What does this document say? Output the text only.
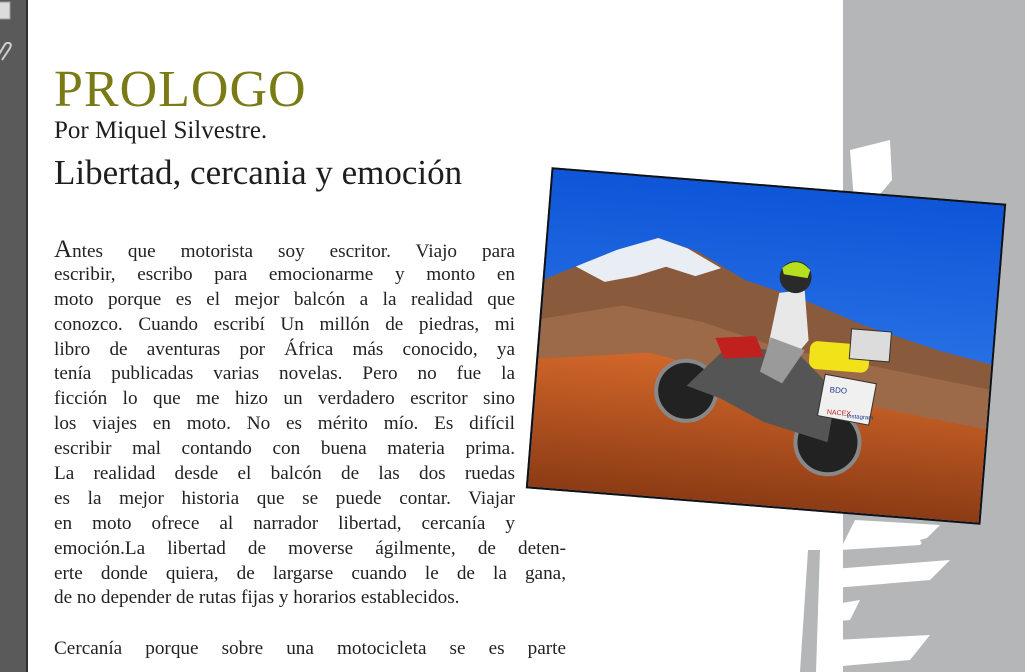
PROLOGO
Por Miquel Silvestre.
Libertad, cercania y emoción
Antes que motorista soy escritor. Viajo para
escribir, escribo para emocionarme y monto en
moto porque es el mejor balcón a la realidad que
conozco. Cuando escribí Un millón de piedras, mi
libro de aventuras por África más conocido, ya
tenía publicadas varias novelas. Pero no fue la
ficción lo que me hizo un verdadero escritor sino
los viajes en moto. No es mérito mío. Es difícil
escribir mal contando con buena materia prima.
La realidad desde el balcón de las dos ruedas
es la mejor historia que se puede contar. Viajar
en moto ofrece al narrador libertad, cercanía y
emoción.La libertad de moverse ágilmente, de deten-
erte donde quiera, de largarse cuando le de la gana,
de no depender de rutas fijas y horarios establecidos.
Cercanía porque sobre una motocicleta se es parte
BDO
NACEX
Instagram
